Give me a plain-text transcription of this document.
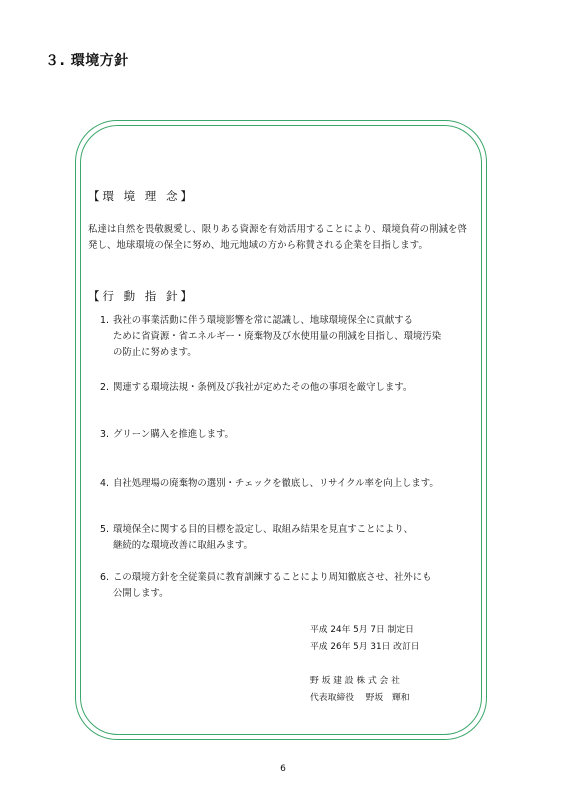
３. 環境方針
【環 境 理 念】
私達は自然を畏敬親愛し、限りある資源を有効活用することにより、環境負荷の削減を啓発し、地球環境の保全に努め、地元地域の方から称賛される企業を目指します。
【行 動 指 針】
1. 我社の事業活動に伴う環境影響を常に認識し、地球環境保全に貢献する
ために省資源・省エネルギー・廃棄物及び水使用量の削減を目指し、環境汚染
の防止に努めます。
2. 関連する環境法規・条例及び我社が定めたその他の事項を厳守します。
3. グリーン購入を推進します。
4. 自社処理場の廃棄物の選別・チェックを徹底し、リサイクル率を向上します。
5. 環境保全に関する目的目標を設定し、取組み結果を見直すことにより、
継続的な環境改善に取組みます。
6. この環境方針を全従業員に教育訓練することにより周知徹底させ、社外にも
公開します。
平成 24年 5月 7日 制定日
平成 26年 5月 31日 改訂日
野 坂 建 設 株 式 会 社
代表取締役　 野坂　輝和
6
